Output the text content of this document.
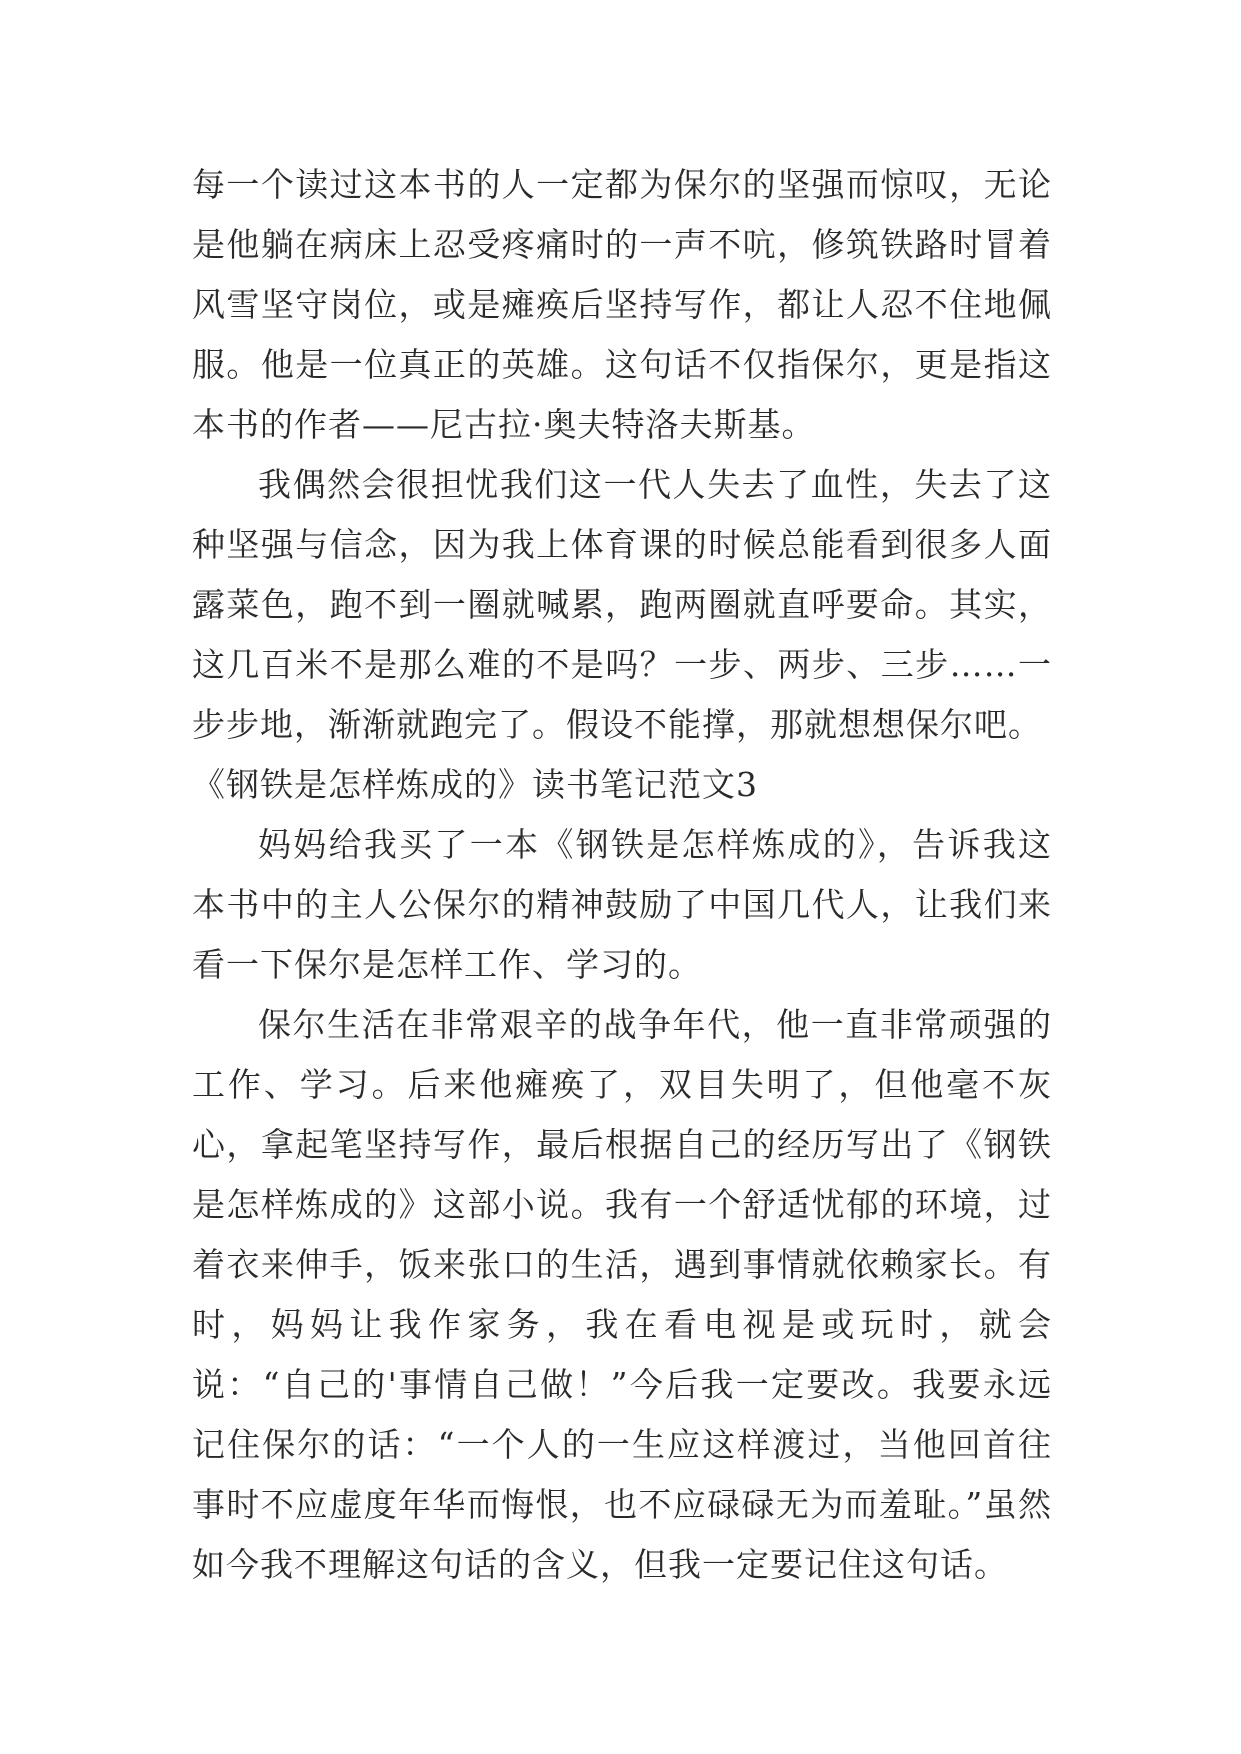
每一个读过这本书的人一定都为保尔的坚强而惊叹，无论是他躺在病床上忍受疼痛时的一声不吭，修筑铁路时冒着风雪坚守岗位，或是瘫痪后坚持写作，都让人忍不住地佩服。他是一位真正的英雄。这句话不仅指保尔，更是指这本书的作者——尼古拉·奥夫特洛夫斯基。

我偶然会很担忧我们这一代人失去了血性，失去了这种坚强与信念，因为我上体育课的时候总能看到很多人面露菜色，跑不到一圈就喊累，跑两圈就直呼要命。其实，这几百米不是那么难的不是吗？一步、两步、三步……一步步地，渐渐就跑完了。假设不能撑，那就想想保尔吧。

《钢铁是怎样炼成的》读书笔记范文3

妈妈给我买了一本《钢铁是怎样炼成的》，告诉我这本书中的主人公保尔的精神鼓励了中国几代人，让我们来看一下保尔是怎样工作、学习的。

保尔生活在非常艰辛的战争年代，他一直非常顽强的工作、学习。后来他瘫痪了，双目失明了，但他毫不灰心，拿起笔坚持写作，最后根据自己的经历写出了《钢铁是怎样炼成的》这部小说。我有一个舒适忧郁的环境，过着衣来伸手，饭来张口的生活，遇到事情就依赖家长。有时，妈妈让我作家务，我在看电视是或玩时，就会说：“自己的'事情自己做！”今后我一定要改。我要永远记住保尔的话：“一个人的一生应这样渡过，当他回首往事时不应虚度年华而悔恨，也不应碌碌无为而羞耻。”虽然如今我不理解这句话的含义，但我一定要记住这句话。
